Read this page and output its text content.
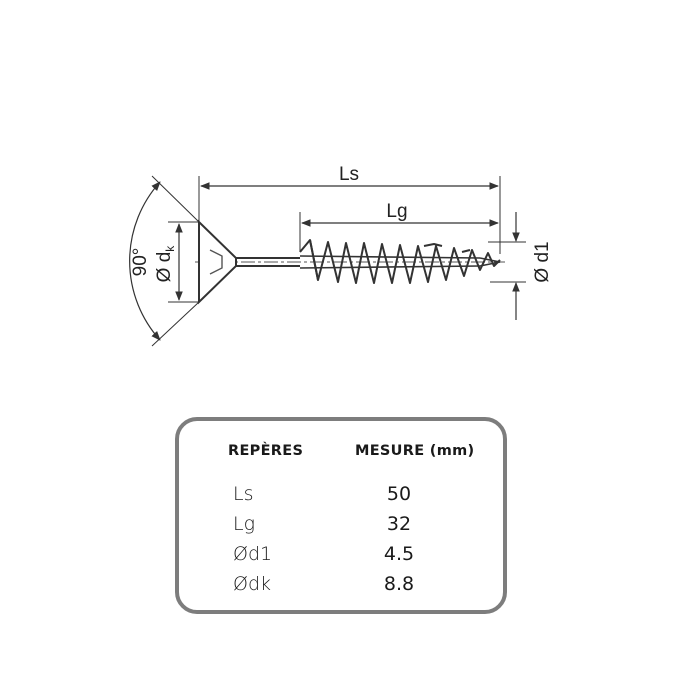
Ls
Lg
Ø d1
Ø $d_k$
90°
REPÈRES	MESURE (mm)
Ls	50
Lg	32
Ød1	4.5
Ødk	8.8
